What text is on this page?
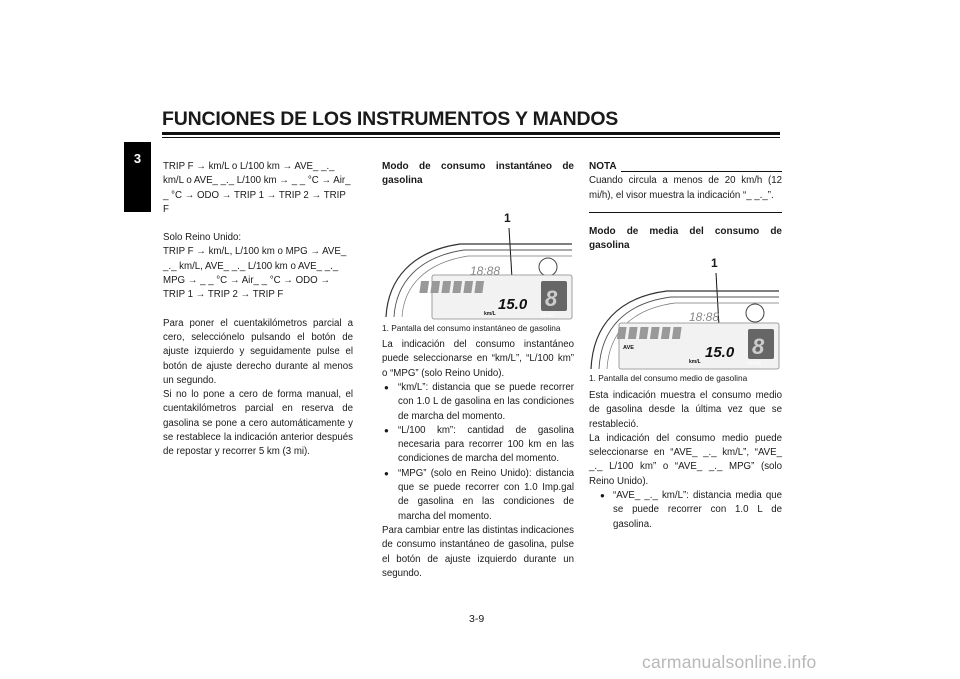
FUNCIONES DE LOS INSTRUMENTOS Y MANDOS
3

TRIP F → km/L o L/100 km → AVE_ _._ km/L o AVE_ _._ L/100 km → _ _ °C → Air_ _ °C → ODO → TRIP 1 → TRIP 2 → TRIP F

Solo Reino Unido:

TRIP F → km/L, L/100 km o MPG → AVE_ _._ km/L, AVE_ _._ L/100 km o AVE_ _._ MPG → _ _ °C → Air_ _ °C → ODO → TRIP 1 → TRIP 2 → TRIP F

Para poner el cuentakilómetros parcial a cero, selecciónelo pulsando el botón de ajuste izquierdo y seguidamente pulse el botón de ajuste derecho durante al menos un segundo.

Si no lo pone a cero de forma manual, el cuentakilómetros parcial en reserva de gasolina se pone a cero automáticamente y se restablece la indicación anterior después de repostar y recorrer 5 km (3 mi).

Modo de consumo instantáneo de gasolina

1
18:88
8
GEAR
15.0
km/L

1. Pantalla del consumo instantáneo de gasolina

La indicación del consumo instantáneo puede seleccionarse en “km/L”, “L/100 km” o “MPG” (solo Reino Unido).

● “km/L”: distancia que se puede recorrer con 1.0 L de gasolina en las condiciones de marcha del momento.

● “L/100 km”: cantidad de gasolina necesaria para recorrer 100 km en las condiciones de marcha del momento.

● “MPG” (solo en Reino Unido): distancia que se puede recorrer con 1.0 Imp.gal de gasolina en las condiciones de marcha del momento.

Para cambiar entre las distintas indicaciones de consumo instantáneo de gasolina, pulse el botón de ajuste izquierdo durante un segundo.

NOTA

Cuando circula a menos de 20 km/h (12 mi/h), el visor muestra la indicación “_ _._”.

Modo de media del consumo de gasolina

1
18:88
8
GEAR
AVE	15.0
km/L

1. Pantalla del consumo medio de gasolina

Esta indicación muestra el consumo medio de gasolina desde la última vez que se restableció.

La indicación del consumo medio puede seleccionarse en “AVE_ _._ km/L”, “AVE_ _._ L/100 km” o “AVE_ _._ MPG” (solo Reino Unido).

● “AVE_ _._ km/L”: distancia media que se puede recorrer con 1.0 L de gasolina.

3-9
carmanualsonline.info
